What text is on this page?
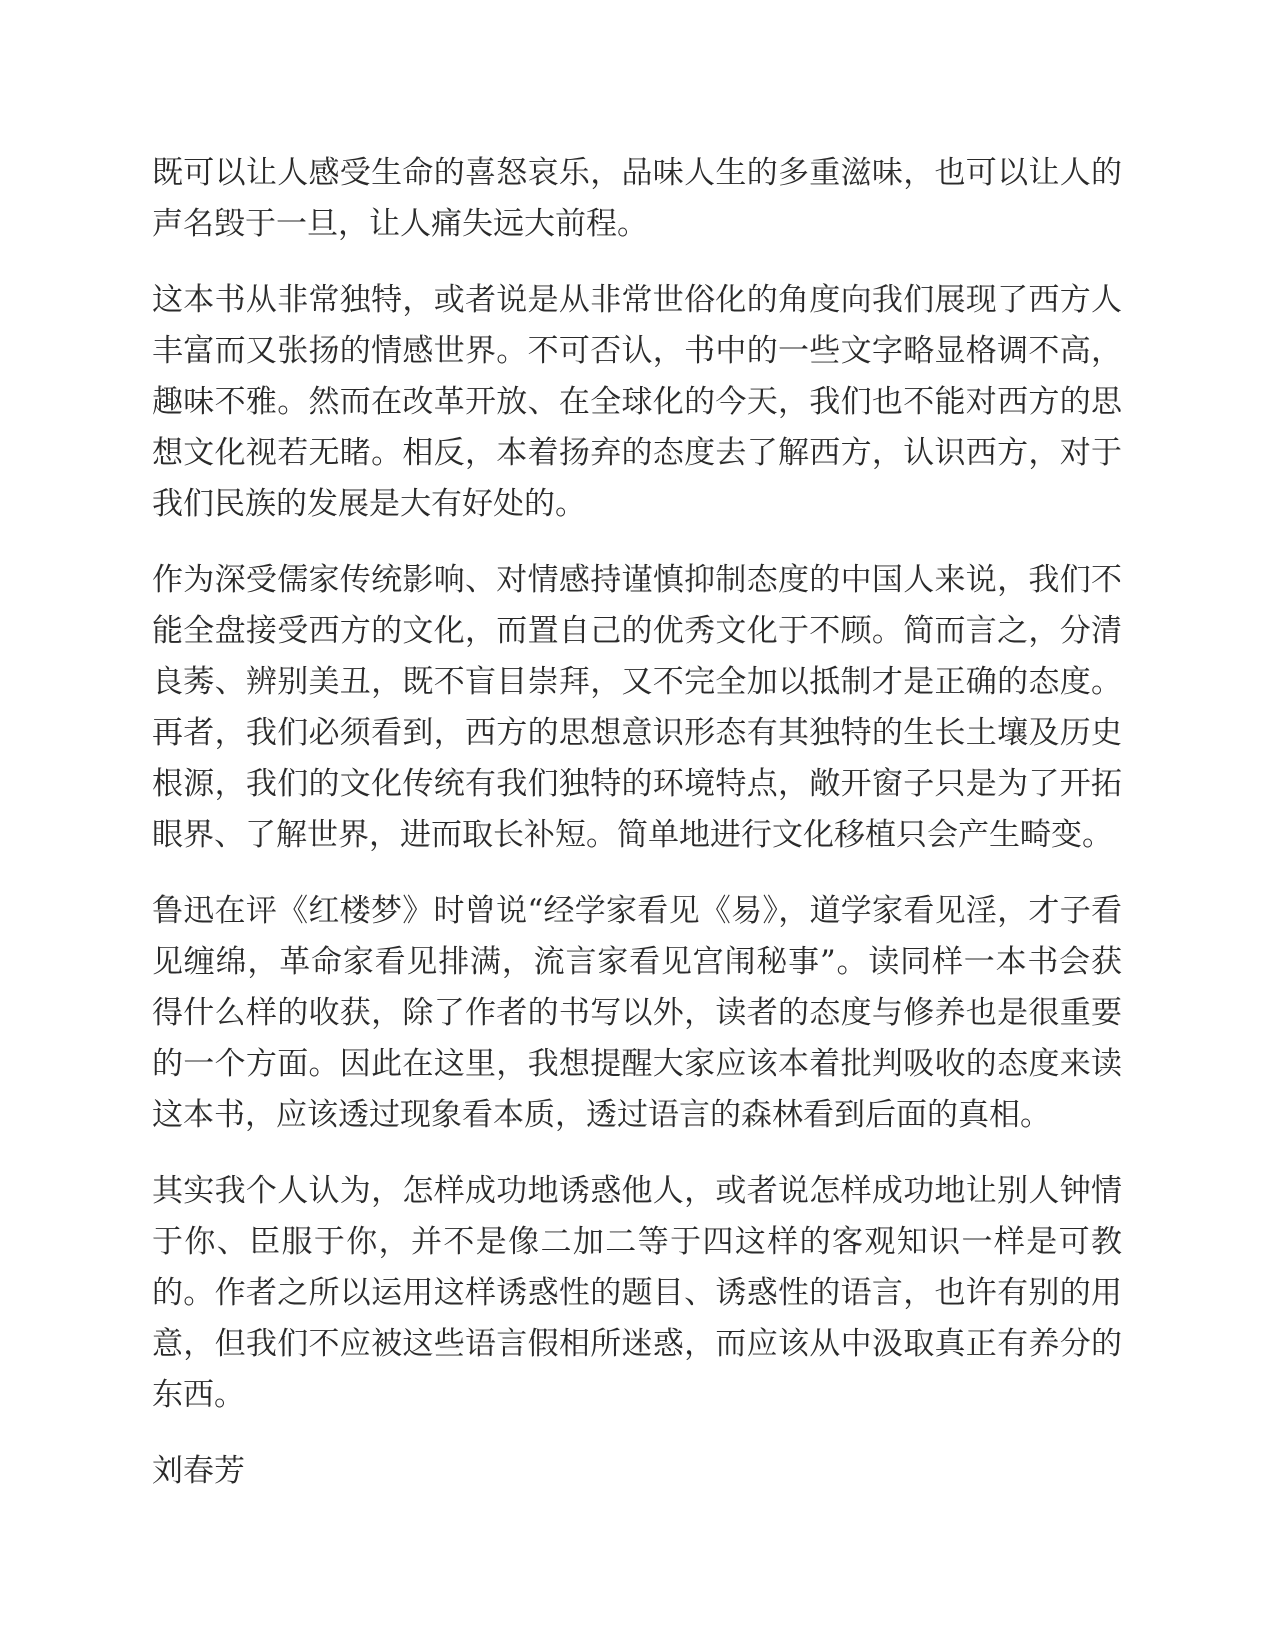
既可以让人感受生命的喜怒哀乐，品味人生的多重滋味，也可以让人的声名毁于一旦，让人痛失远大前程。

这本书从非常独特，或者说是从非常世俗化的角度向我们展现了西方人丰富而又张扬的情感世界。不可否认，书中的一些文字略显格调不高，趣味不雅。然而在改革开放、在全球化的今天，我们也不能对西方的思想文化视若无睹。相反，本着扬弃的态度去了解西方，认识西方，对于我们民族的发展是大有好处的。

作为深受儒家传统影响、对情感持谨慎抑制态度的中国人来说，我们不能全盘接受西方的文化，而置自己的优秀文化于不顾。简而言之，分清良莠、辨别美丑，既不盲目崇拜，又不完全加以抵制才是正确的态度。再者，我们必须看到，西方的思想意识形态有其独特的生长土壤及历史根源，我们的文化传统有我们独特的环境特点，敞开窗子只是为了开拓眼界、了解世界，进而取长补短。简单地进行文化移植只会产生畸变。

鲁迅在评《红楼梦》时曾说“经学家看见《易》，道学家看见淫，才子看见缠绵，革命家看见排满，流言家看见宫闱秘事”。读同样一本书会获得什么样的收获，除了作者的书写以外，读者的态度与修养也是很重要的一个方面。因此在这里，我想提醒大家应该本着批判吸收的态度来读这本书，应该透过现象看本质，透过语言的森林看到后面的真相。

其实我个人认为，怎样成功地诱惑他人，或者说怎样成功地让别人钟情于你、臣服于你，并不是像二加二等于四这样的客观知识一样是可教的。作者之所以运用这样诱惑性的题目、诱惑性的语言，也许有别的用意，但我们不应被这些语言假相所迷惑，而应该从中汲取真正有养分的东西。

刘春芳
